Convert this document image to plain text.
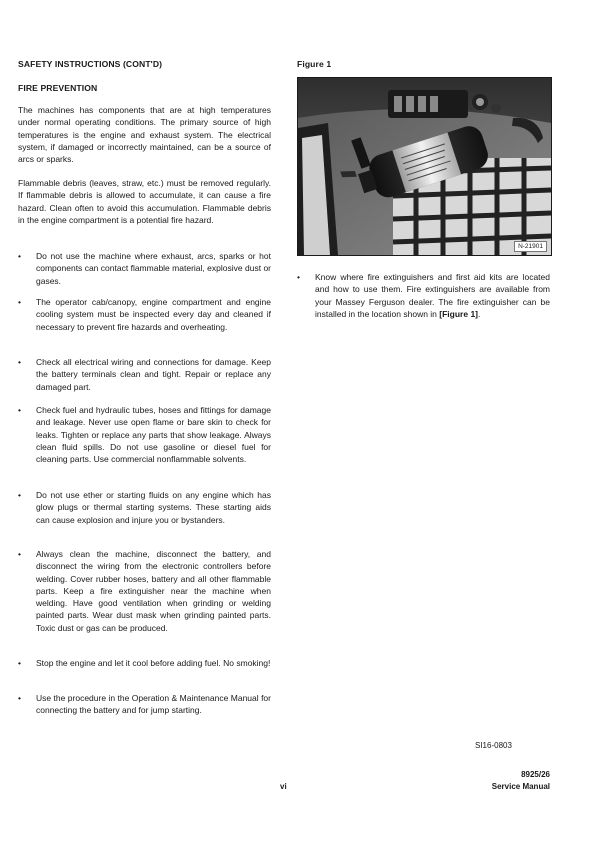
SAFETY INSTRUCTIONS (CONT'D)
FIRE PREVENTION

The machines has components that are at high temperatures under normal operating conditions. The primary source of high temperatures is the engine and exhaust system. The electrical system, if damaged or incorrectly maintained, can be a source of arcs or sparks.

Flammable debris (leaves, straw, etc.) must be removed regularly. If flammable debris is allowed to accumulate, it can cause a fire hazard. Clean often to avoid this accumulation. Flammable debris in the engine compartment is a potential fire hazard.

• Do not use the machine where exhaust, arcs, sparks or hot components can contact flammable material, explosive dust or gases.
• The operator cab/canopy, engine compartment and engine cooling system must be inspected every day and cleaned if necessary to prevent fire hazards and overheating.
• Check all electrical wiring and connections for damage. Keep the battery terminals clean and tight. Repair or replace any damaged part.
• Check fuel and hydraulic tubes, hoses and fittings for damage and leakage. Never use open flame or bare skin to check for leaks. Tighten or replace any parts that show leakage. Always clean fluid spills. Do not use gasoline or diesel fuel for cleaning parts. Use commercial nonflammable solvents.
• Do not use ether or starting fluids on any engine which has glow plugs or thermal starting systems. These starting aids can cause explosion and injure you or bystanders.
• Always clean the machine, disconnect the battery, and disconnect the wiring from the electronic controllers before welding. Cover rubber hoses, battery and all other flammable parts. Keep a fire extinguisher near the machine when welding. Have good ventilation when grinding or welding painted parts. Wear dust mask when grinding painted parts. Toxic dust or gas can be produced.
• Stop the engine and let it cool before adding fuel. No smoking!
• Use the procedure in the Operation & Maintenance Manual for connecting the battery and for jump starting.
Figure 1
N-21901
• Know where fire extinguishers and first aid kits are located and how to use them. Fire extinguishers are available from your Massey Ferguson dealer. The fire extinguisher can be installed in the location shown in [Figure 1].
SI16-0803
8925/26
vi	Service Manual
